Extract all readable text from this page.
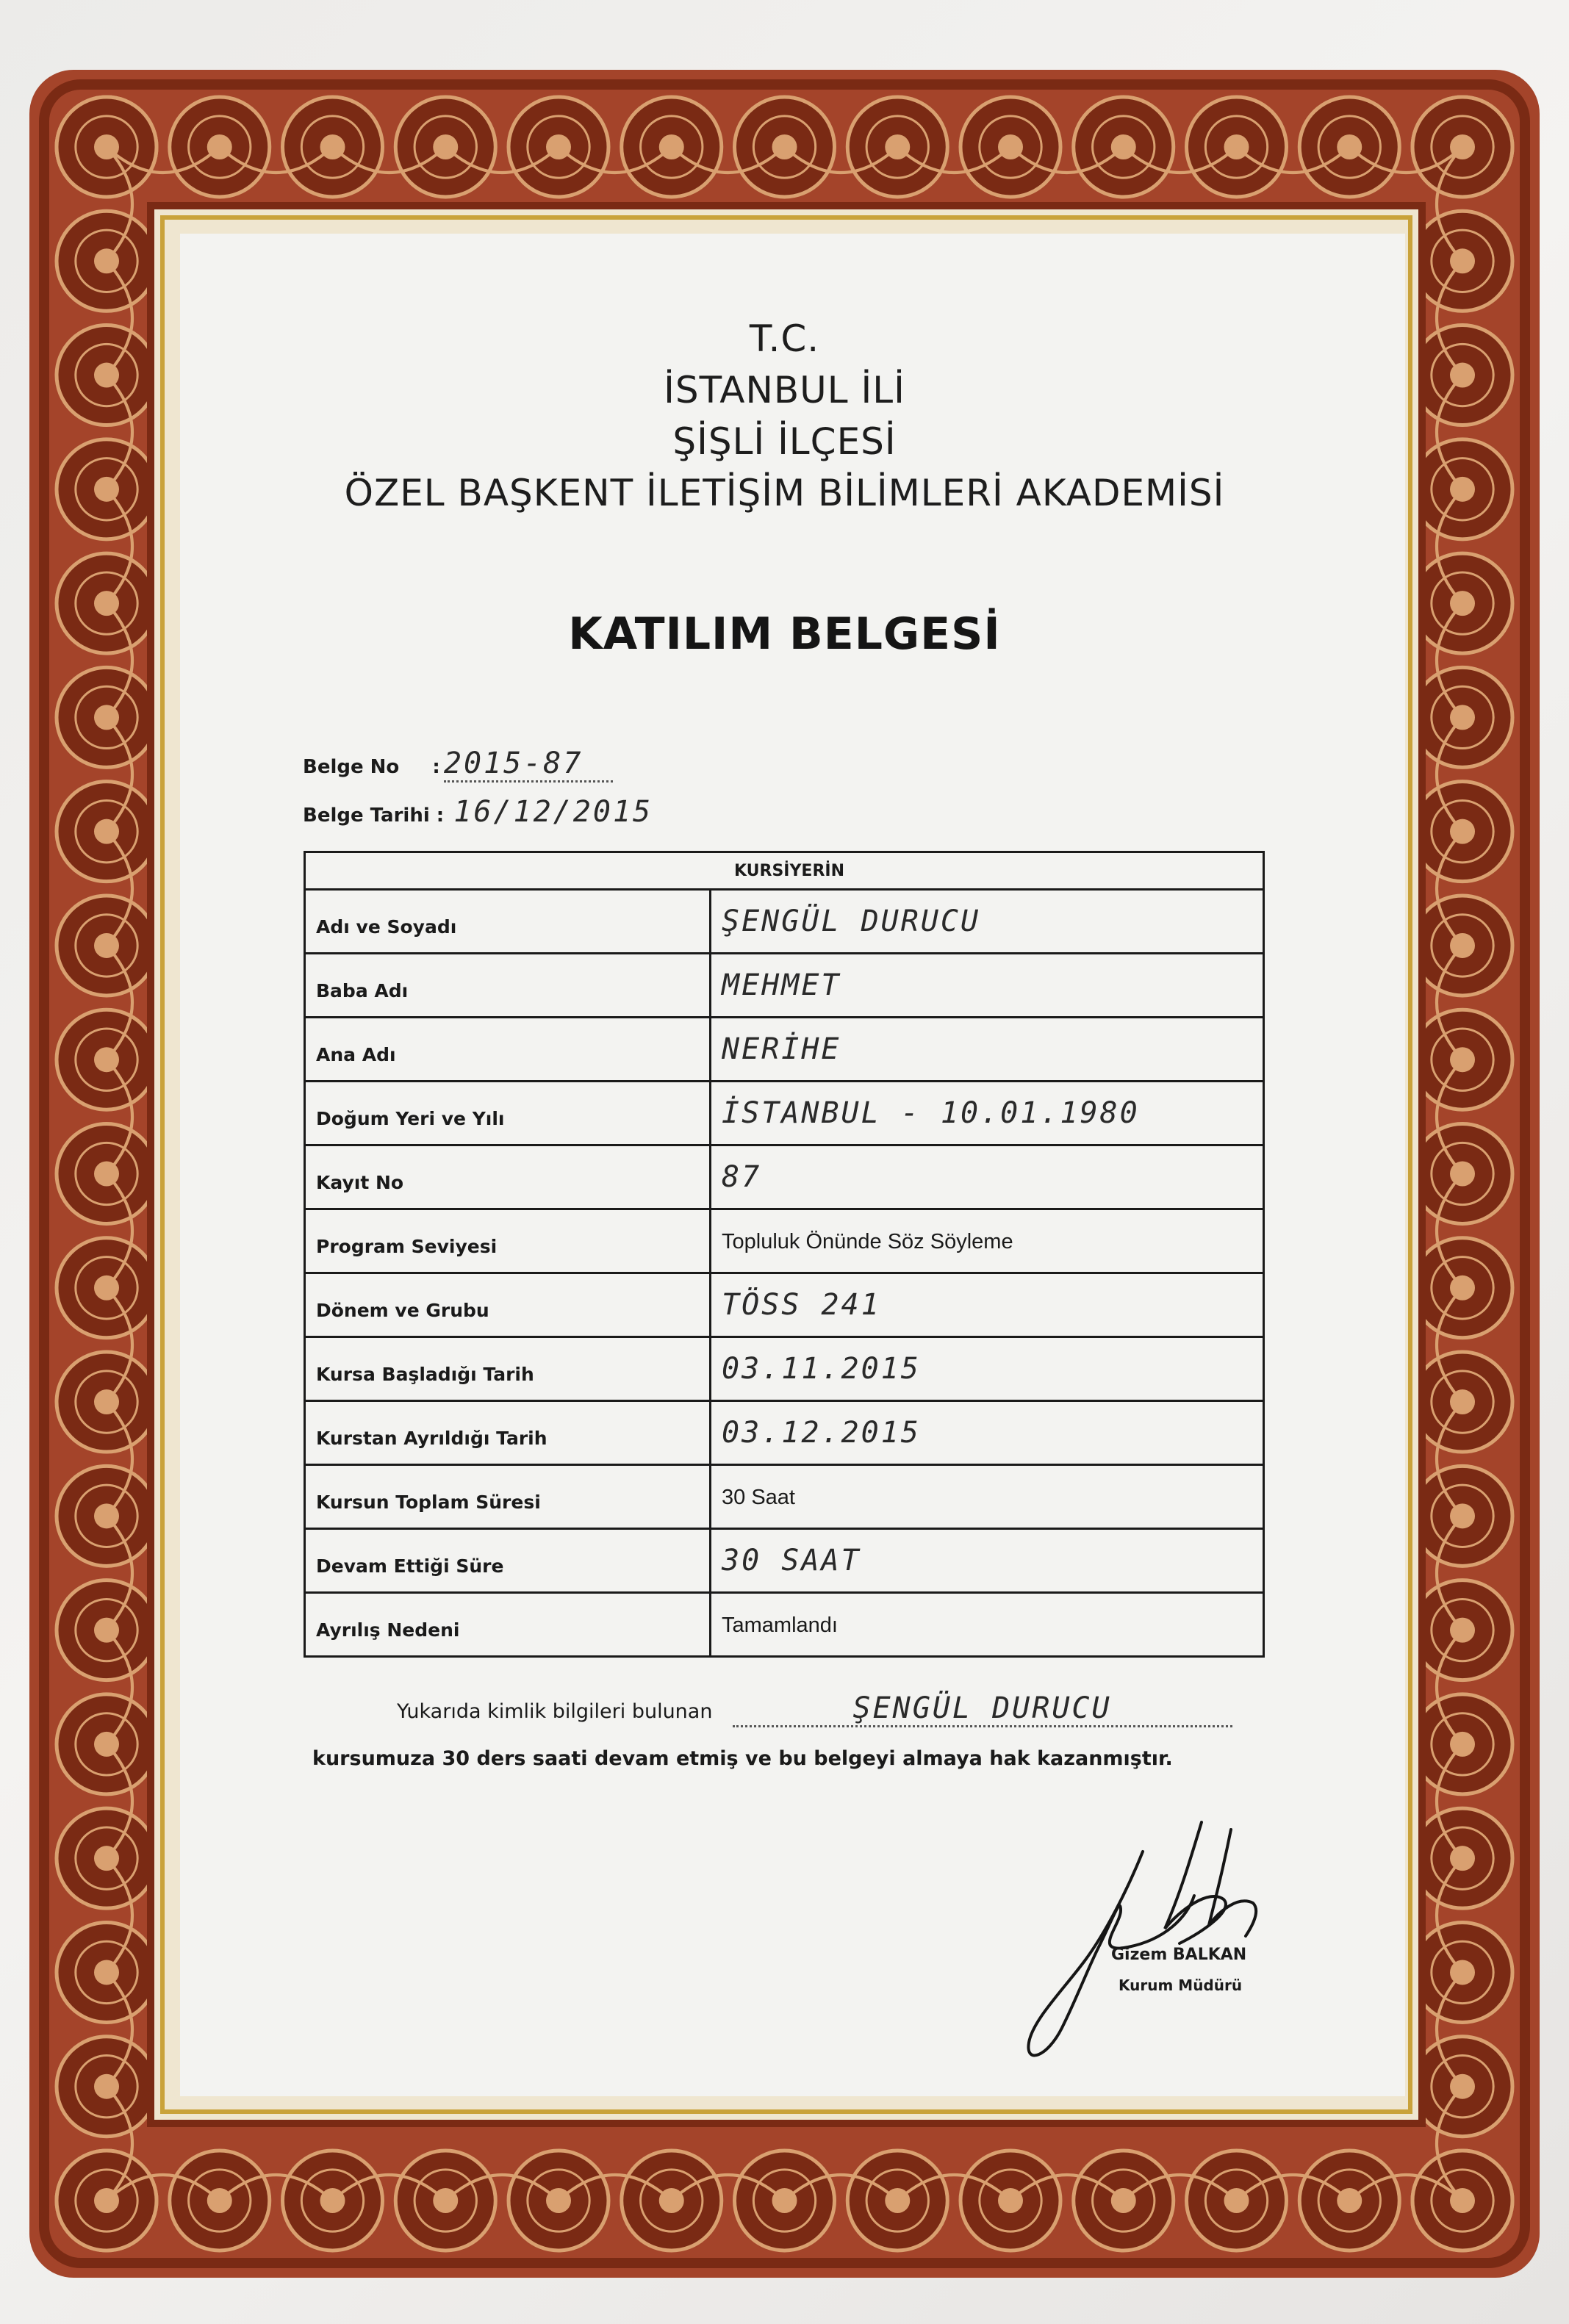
T.C.
İSTANBUL İLİ
ŞİŞLİ İLÇESİ
ÖZEL BAŞKENT İLETİŞİM BİLİMLERİ AKADEMİSİ
KATILIM BELGESİ
Belge No : 2015-87
Belge Tarihi : 16/12/2015
KURSİYERİN	
Adı ve Soyadı	ŞENGÜL DURUCU
Baba Adı	MEHMET
Ana Adı	NERİHE
Doğum Yeri ve Yılı	İSTANBUL - 10.01.1980
Kayıt No	87
Program Seviyesi	Topluluk Önünde Söz Söyleme
Dönem ve Grubu	TÖSS 241
Kursa Başladığı Tarih	03.11.2015
Kurstan Ayrıldığı Tarih	03.12.2015
Kursun Toplam Süresi	30 Saat
Devam Ettiği Süre	30 SAAT
Ayrılış Nedeni	Tamamlandı
Yukarıda kimlik bilgileri bulunan	ŞENGÜL DURUCU
kursumuza 30 ders saati devam etmiş ve bu belgeyi almaya hak kazanmıştır.
Gizem BALKAN
Kurum Müdürü
